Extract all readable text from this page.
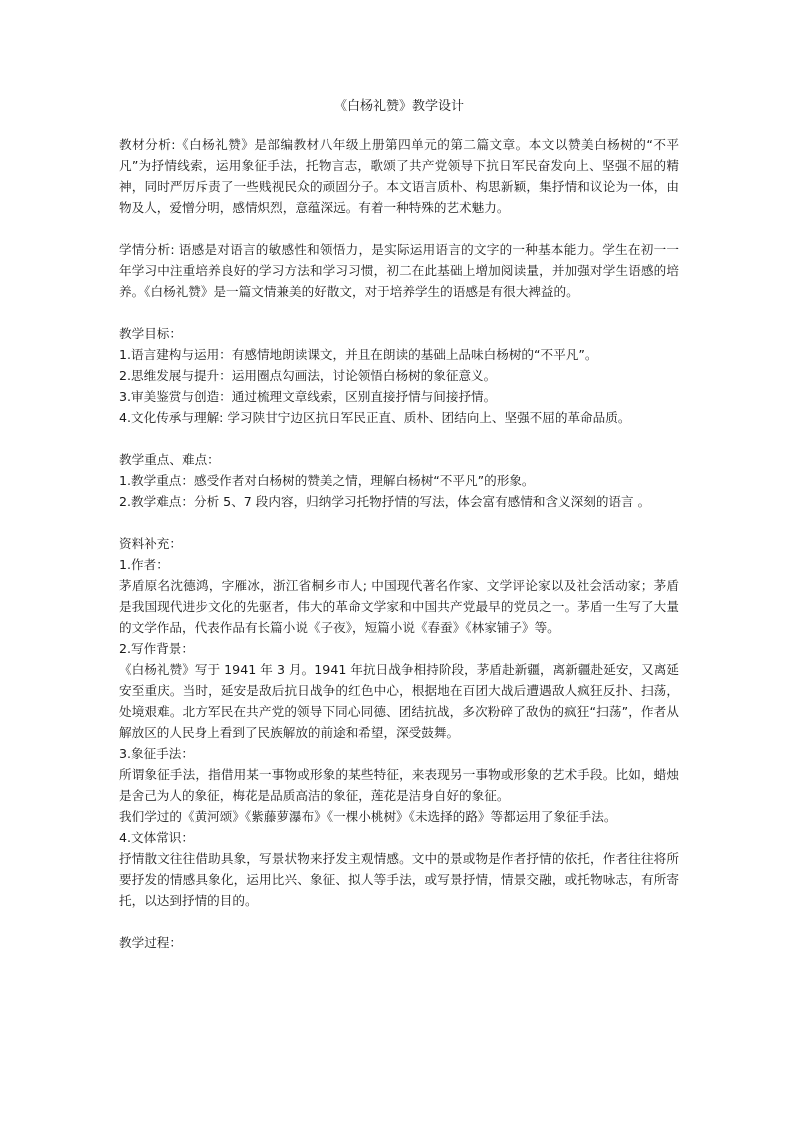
《白杨礼赞》教学设计

教材分析:《白杨礼赞》是部编教材八年级上册第四单元的第二篇文章。本文以赞美白杨树的“不平凡”为抒情线索，运用象征手法，托物言志，歌颂了共产党领导下抗日军民奋发向上、坚强不屈的精神，同时严厉斥责了一些贱视民众的顽固分子。本文语言质朴、构思新颖，集抒情和议论为一体，由物及人，爱憎分明，感情炽烈，意蕴深远。有着一种特殊的艺术魅力。

学情分析: 语感是对语言的敏感性和领悟力，是实际运用语言的文字的一种基本能力。学生在初一一年学习中注重培养良好的学习方法和学习习惯，初二在此基础上增加阅读量，并加强对学生语感的培养。《白杨礼赞》是一篇文情兼美的好散文，对于培养学生的语感是有很大裨益的。

教学目标：

1.语言建构与运用：有感情地朗读课文，并且在朗读的基础上品味白杨树的“不平凡”。

2.思维发展与提升：运用圈点勾画法，讨论领悟白杨树的象征意义。

3.审美鉴赏与创造：通过梳理文章线索，区别直接抒情与间接抒情。

4.文化传承与理解: 学习陕甘宁边区抗日军民正直、质朴、团结向上、坚强不屈的革命品质。

教学重点、难点：

1.教学重点：感受作者对白杨树的赞美之情，理解白杨树“不平凡”的形象。

2.教学难点：分析 5、7 段内容，归纳学习托物抒情的写法，体会富有感情和含义深刻的语言 。

资料补充：

1.作者：

茅盾原名沈德鸿，字雁冰，浙江省桐乡市人; 中国现代著名作家、文学评论家以及社会活动家；茅盾是我国现代进步文化的先驱者，伟大的革命文学家和中国共产党最早的党员之一。茅盾一生写了大量的文学作品，代表作品有长篇小说《子夜》，短篇小说《春蚕》《林家铺子》等。

2.写作背景：

《白杨礼赞》写于 1941 年 3 月。1941 年抗日战争相持阶段，茅盾赴新疆，离新疆赴延安，又离延安至重庆。当时，延安是敌后抗日战争的红色中心，根据地在百团大战后遭遇敌人疯狂反扑、扫荡，处境艰难。北方军民在共产党的领导下同心同德、团结抗战，多次粉碎了敌伪的疯狂“扫荡”，作者从解放区的人民身上看到了民族解放的前途和希望，深受鼓舞。

3.象征手法：

所谓象征手法，指借用某一事物或形象的某些特征，来表现另一事物或形象的艺术手段。比如，蜡烛是舍己为人的象征，梅花是品质高洁的象征，莲花是洁身自好的象征。

我们学过的《黄河颂》《紫藤萝瀑布》《一棵小桃树》《未选择的路》等都运用了象征手法。

4.文体常识：

抒情散文往往借助具象，写景状物来抒发主观情感。文中的景或物是作者抒情的依托，作者往往将所要抒发的情感具象化，运用比兴、象征、拟人等手法，或写景抒情，情景交融，或托物咏志，有所寄托，以达到抒情的目的。

教学过程：
